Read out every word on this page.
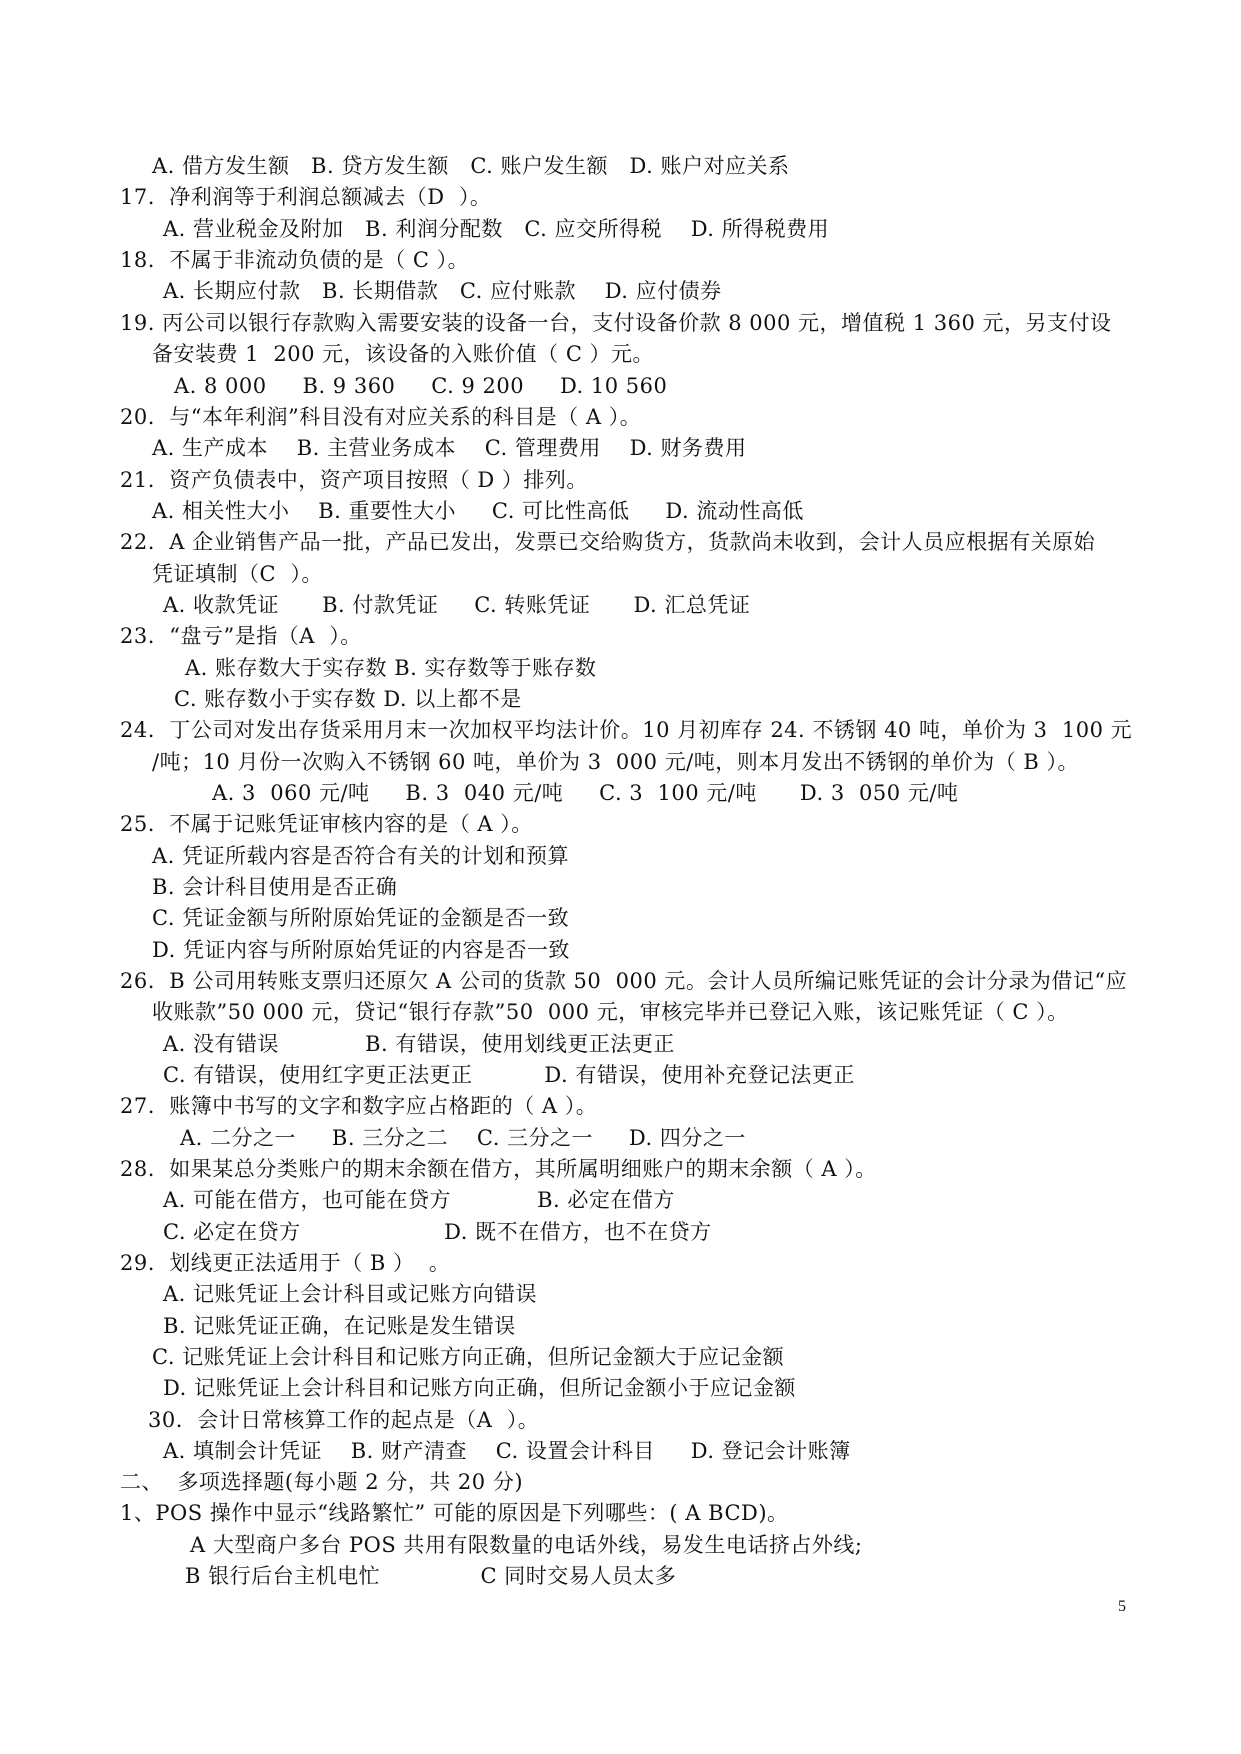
A. 借方发生额   B. 贷方发生额   C. 账户发生额   D. 账户对应关系
17.  净利润等于利润总额减去（D  ）。
A. 营业税金及附加   B. 利润分配数   C. 应交所得税    D. 所得税费用
18.  不属于非流动负债的是（ C ）。
A. 长期应付款   B. 长期借款   C. 应付账款    D. 应付债券
19. 丙公司以银行存款购入需要安装的设备一台，支付设备价款 8 000 元，增值税 1 360 元，另支付设
备安装费 1  200 元，该设备的入账价值（ C ）元。
A. 8 000     B. 9 360     C. 9 200     D. 10 560
20.  与“本年利润”科目没有对应关系的科目是（ A ）。
A. 生产成本    B. 主营业务成本    C. 管理费用    D. 财务费用
21.  资产负债表中，资产项目按照（ D ）排列。
A. 相关性大小    B. 重要性大小     C. 可比性高低     D. 流动性高低
22.  A 企业销售产品一批，产品已发出，发票已交给购货方，货款尚未收到，会计人员应根据有关原始
凭证填制（C  ）。
A. 收款凭证      B. 付款凭证     C. 转账凭证      D. 汇总凭证
23.  “盘亏”是指（A  ）。
A. 账存数大于实存数 B. 实存数等于账存数
C. 账存数小于实存数 D. 以上都不是
24.  丁公司对发出存货采用月末一次加权平均法计价。10 月初库存 24. 不锈钢 40 吨，单价为 3  100 元
/吨；10 月份一次购入不锈钢 60 吨，单价为 3  000 元/吨，则本月发出不锈钢的单价为（ B ）。
A. 3  060 元/吨     B. 3  040 元/吨     C. 3  100 元/吨      D. 3  050 元/吨
25.  不属于记账凭证审核内容的是（ A ）。
A. 凭证所载内容是否符合有关的计划和预算
B. 会计科目使用是否正确
C. 凭证金额与所附原始凭证的金额是否一致
D. 凭证内容与所附原始凭证的内容是否一致
26.  B 公司用转账支票归还原欠 A 公司的货款 50  000 元。会计人员所编记账凭证的会计分录为借记“应
收账款”50 000 元，贷记“银行存款”50  000 元，审核完毕并已登记入账，该记账凭证（ C ）。
A. 没有错误            B. 有错误，使用划线更正法更正
C. 有错误，使用红字更正法更正          D. 有错误，使用补充登记法更正
27.  账簿中书写的文字和数字应占格距的（ A ）。
A. 二分之一     B. 三分之二    C. 三分之一     D. 四分之一
28.  如果某总分类账户的期末余额在借方，其所属明细账户的期末余额（ A ）。
A. 可能在借方，也可能在贷方            B. 必定在借方
C. 必定在贷方                    D. 既不在借方，也不在贷方
29.  划线更正法适用于（ B ）  。
A. 记账凭证上会计科目或记账方向错误
B. 记账凭证正确，在记账是发生错误
C. 记账凭证上会计科目和记账方向正确，但所记金额大于应记金额
D. 记账凭证上会计科目和记账方向正确，但所记金额小于应记金额
30.  会计日常核算工作的起点是（A  ）。
A. 填制会计凭证    B. 财产清查    C. 设置会计科目     D. 登记会计账簿
二、  多项选择题(每小题 2 分，共 20 分)
1、POS 操作中显示“线路繁忙” 可能的原因是下列哪些：( A BCD)。
A 大型商户多台 POS 共用有限数量的电话外线，易发生电话挤占外线;
B 银行后台主机电忙              C 同时交易人员太多
5
